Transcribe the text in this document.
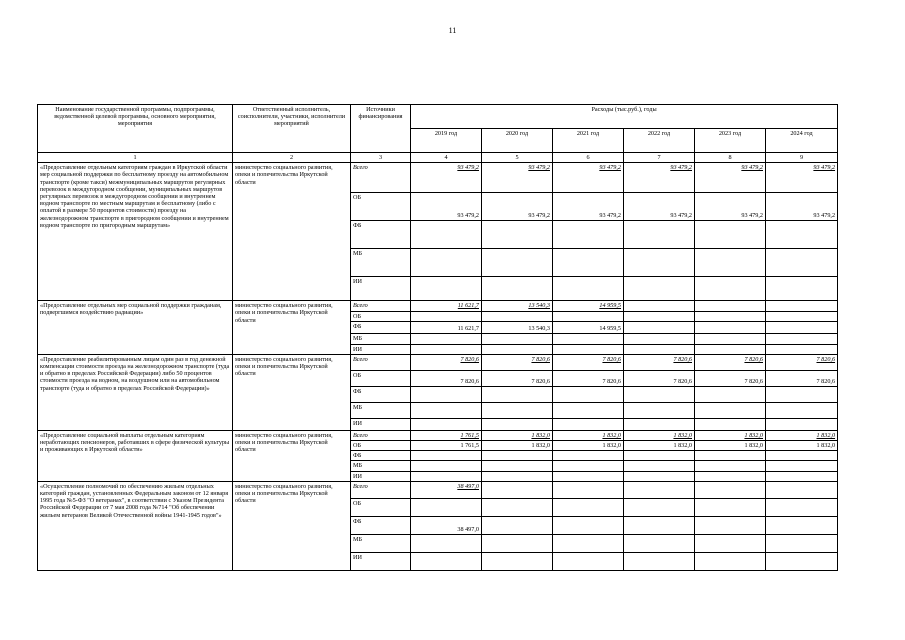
11
Наименование государственной программы, подпрограммы, ведомственной целевой программы, основного мероприятия, мероприятия	Ответственный исполнитель, соисполнители, участники, исполнители мероприятий	Источники финансирования	Расходы (тыс.руб.), годы					
			2019 год	2020 год	2021 год	2022 год	2023 год	2024 год
1	2	3	4	5	6	7	8	9
«Предоставление отдельным категориям граждан в Иркутской области мер социальной поддержки по бесплатному проезду на автомобильном транспорте (кроме такси) межмуниципальных маршрутов регулярных перевозок в междугородном сообщении, муниципальных маршрутов регулярных перевозок в междугородном сообщении и внутреннем водном транспорте по местным маршрутам и бесплатному (либо с оплатой в размере 50 процентов стоимости) проезду на железнодорожном транспорте в пригородном сообщении и внутреннем водном транспорте по пригородным маршрутам»	министерство социального развития, опеки и попечительства Иркутской области	Всего	93 479,2	93 479,2	93 479,2	93 479,2	93 479,2	93 479,2
		ОБ	93 479,2	93 479,2	93 479,2	93 479,2	93 479,2	93 479,2
		ФБ						
		МБ						
		ИИ						
«Предоставление отдельных мер социальной поддержки гражданам, подвергшимся воздействию радиации»	министерство социального развития, опеки и попечительства Иркутской области	Всего	11 621,7	13 540,3	14 959,5			
		ОБ						
		ФБ	11 621,7	13 540,3	14 959,5			
		МБ						
		ИИ						
«Предоставление реабилитированным лицам один раз в год денежной компенсации стоимости проезда на железнодорожном транспорте (туда и обратно в пределах Российской Федерации) либо 50 процентов стоимости проезда на водном, на воздушном или на автомобильном транспорте (туда и обратно в пределах Российской Федерации)»	министерство социального развития, опеки и попечительства Иркутской области	Всего	7 820,6	7 820,6	7 820,6	7 820,6	7 820,6	7 820,6
		ОБ	7 820,6	7 820,6	7 820,6	7 820,6	7 820,6	7 820,6
		ФБ						
		МБ						
		ИИ						
«Предоставление социальной выплаты отдельным категориям неработающих пенсионеров, работавших в сфере физической культуры и проживающих в Иркутской области»	министерство социального развития, опеки и попечительства Иркутской области	Всего	1 761,5	1 832,0	1 832,0	1 832,0	1 832,0	1 832,0
		ОБ	1 761,5	1 832,0	1 832,0	1 832,0	1 832,0	1 832,0
		ФБ						
		МБ						
		ИИ						
«Осуществление полномочий по обеспечению жильем отдельных категорий граждан, установленных Федеральным законом от 12 января 1995 года №5-ФЗ "О ветеранах", в соответствии с Указом Президента Российской Федерации от 7 мая 2008 года №714 "Об обеспечении жильем ветеранов Великой Отечественной войны 1941-1945 годов"»	министерство социального развития, опеки и попечительства Иркутской области	Всего	38 497,0					
		ОБ						
		ФБ	38 497,0					
		МБ						
		ИИ						
